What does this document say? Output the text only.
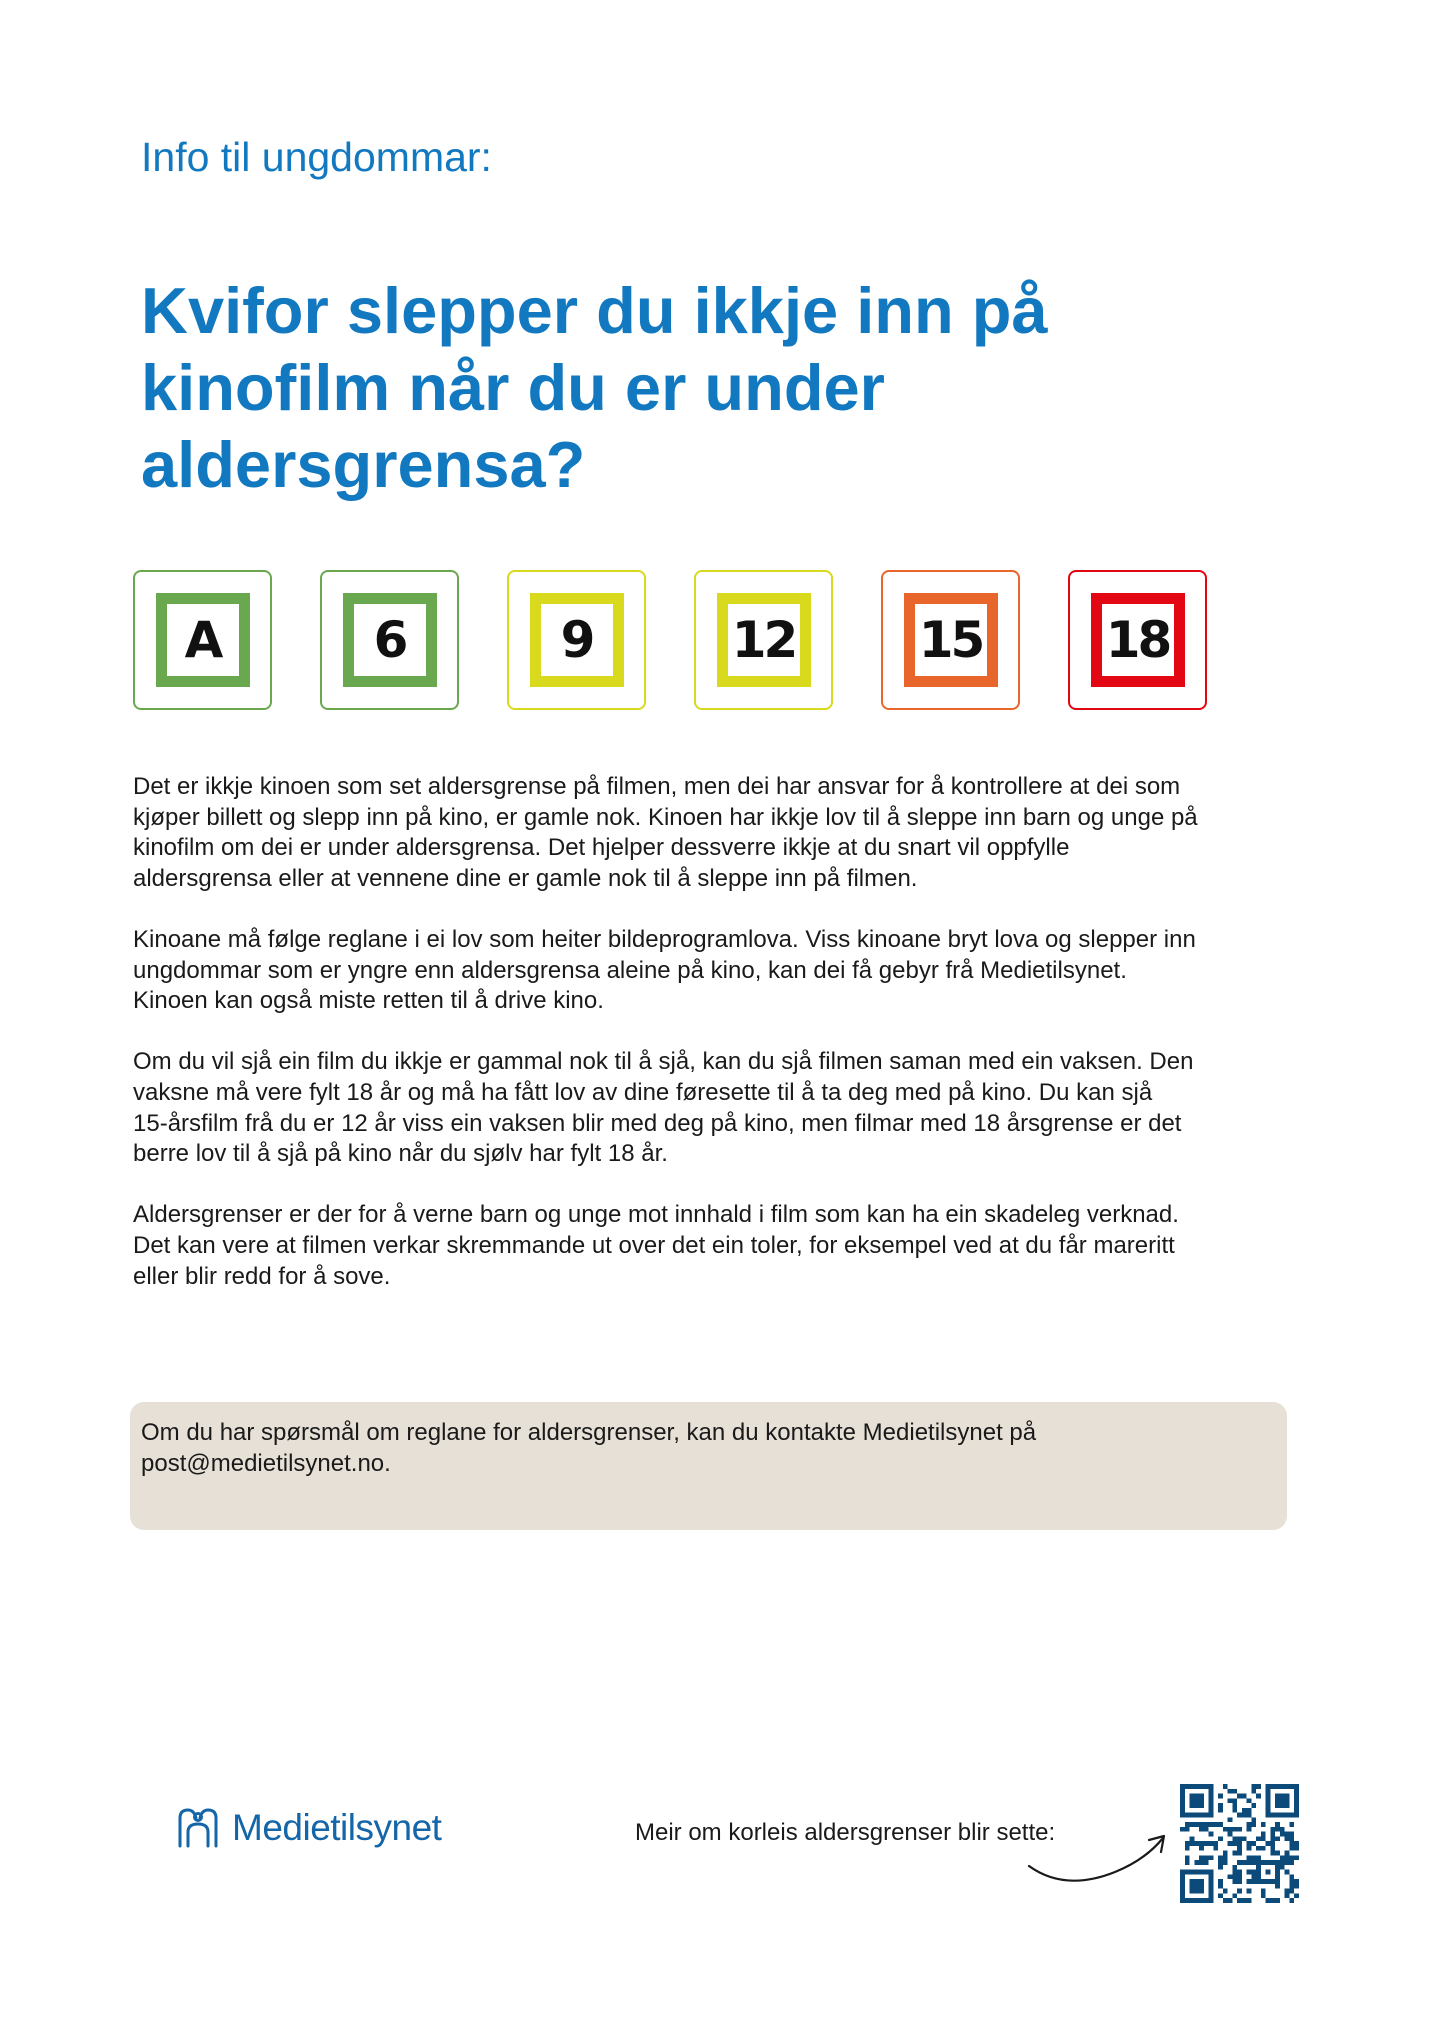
Info til ungdommar:
Kvifor slepper du ikkje inn på
kinofilm når du er under
aldersgrensa?
A	6	9	12	15	18

Det er ikkje kinoen som set aldersgrense på filmen, men dei har ansvar for å kontrollere at dei som
kjøper billett og slepp inn på kino, er gamle nok. Kinoen har ikkje lov til å sleppe inn barn og unge på
kinofilm om dei er under aldersgrensa. Det hjelper dessverre ikkje at du snart vil oppfylle
aldersgrensa eller at vennene dine er gamle nok til å sleppe inn på filmen.

Kinoane må følge reglane i ei lov som heiter bildeprogramlova. Viss kinoane bryt lova og slepper inn
ungdommar som er yngre enn aldersgrensa aleine på kino, kan dei få gebyr frå Medietilsynet.
Kinoen kan også miste retten til å drive kino.

Om du vil sjå ein film du ikkje er gammal nok til å sjå, kan du sjå filmen saman med ein vaksen. Den
vaksne må vere fylt 18 år og må ha fått lov av dine føresette til å ta deg med på kino. Du kan sjå
15-årsfilm frå du er 12 år viss ein vaksen blir med deg på kino, men filmar med 18 årsgrense er det
berre lov til å sjå på kino når du sjølv har fylt 18 år.

Aldersgrenser er der for å verne barn og unge mot innhald i film som kan ha ein skadeleg verknad.
Det kan vere at filmen verkar skremmande ut over det ein toler, for eksempel ved at du får mareritt
eller blir redd for å sove.

Om du har spørsmål om reglane for aldersgrenser, kan du kontakte Medietilsynet på
post@medietilsynet.no.
Medietilsynet	Meir om korleis aldersgrenser blir sette:
